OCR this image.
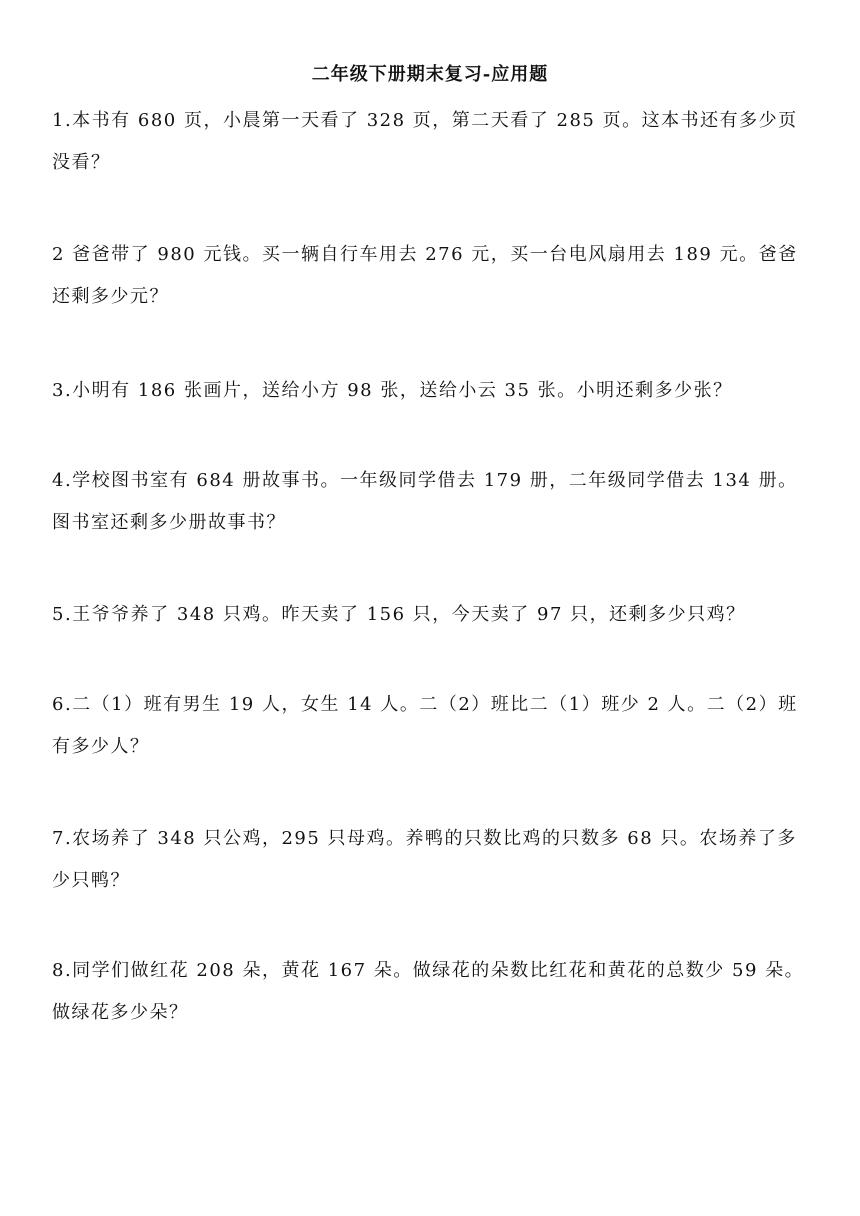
二年级下册期末复习-应用题
1.本书有 680 页，小晨第一天看了 328 页，第二天看了 285 页。这本书还有多少页没看？
2 爸爸带了 980 元钱。买一辆自行车用去 276 元，买一台电风扇用去 189 元。爸爸还剩多少元？
3.小明有 186 张画片，送给小方 98 张，送给小云 35 张。小明还剩多少张？
4.学校图书室有 684 册故事书。一年级同学借去 179 册，二年级同学借去 134 册。图书室还剩多少册故事书？
5.王爷爷养了 348 只鸡。昨天卖了 156 只，今天卖了 97 只，还剩多少只鸡？
6.二（1）班有男生 19 人，女生 14 人。二（2）班比二（1）班少 2 人。二（2）班有多少人？
7.农场养了 348 只公鸡，295 只母鸡。养鸭的只数比鸡的只数多 68 只。农场养了多少只鸭？
8.同学们做红花 208 朵，黄花 167 朵。做绿花的朵数比红花和黄花的总数少 59 朵。做绿花多少朵？
